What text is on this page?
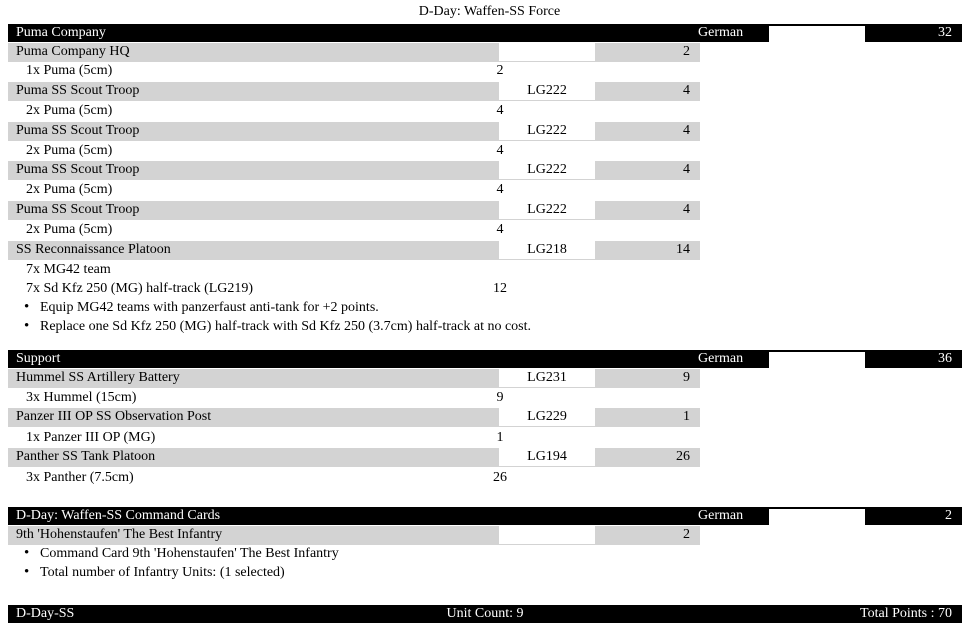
D-Day: Waffen-SS Force
Puma Company	German	32
Puma Company HQ	2
1x Puma (5cm)	2
Puma SS Scout Troop	LG222	4
2x Puma (5cm)	4
Puma SS Scout Troop	LG222	4
2x Puma (5cm)	4
Puma SS Scout Troop	LG222	4
2x Puma (5cm)	4
Puma SS Scout Troop	LG222	4
2x Puma (5cm)	4
SS Reconnaissance Platoon	LG218	14
7x MG42 team
7x Sd Kfz 250 (MG) half-track (LG219)	12
• Equip MG42 teams with panzerfaust anti-tank for +2 points.
• Replace one Sd Kfz 250 (MG) half-track with Sd Kfz 250 (3.7cm) half-track at no cost.
Support	German	36
Hummel SS Artillery Battery	LG231	9
3x Hummel (15cm)	9
Panzer III OP SS Observation Post	LG229	1
1x Panzer III OP (MG)	1
Panther SS Tank Platoon	LG194	26
3x Panther (7.5cm)	26
D-Day: Waffen-SS Command Cards	German	2
9th 'Hohenstaufen' The Best Infantry	2
• Command Card 9th 'Hohenstaufen' The Best Infantry
• Total number of Infantry Units: (1 selected)
D-Day-SS	Unit Count: 9	Total Points : 70
